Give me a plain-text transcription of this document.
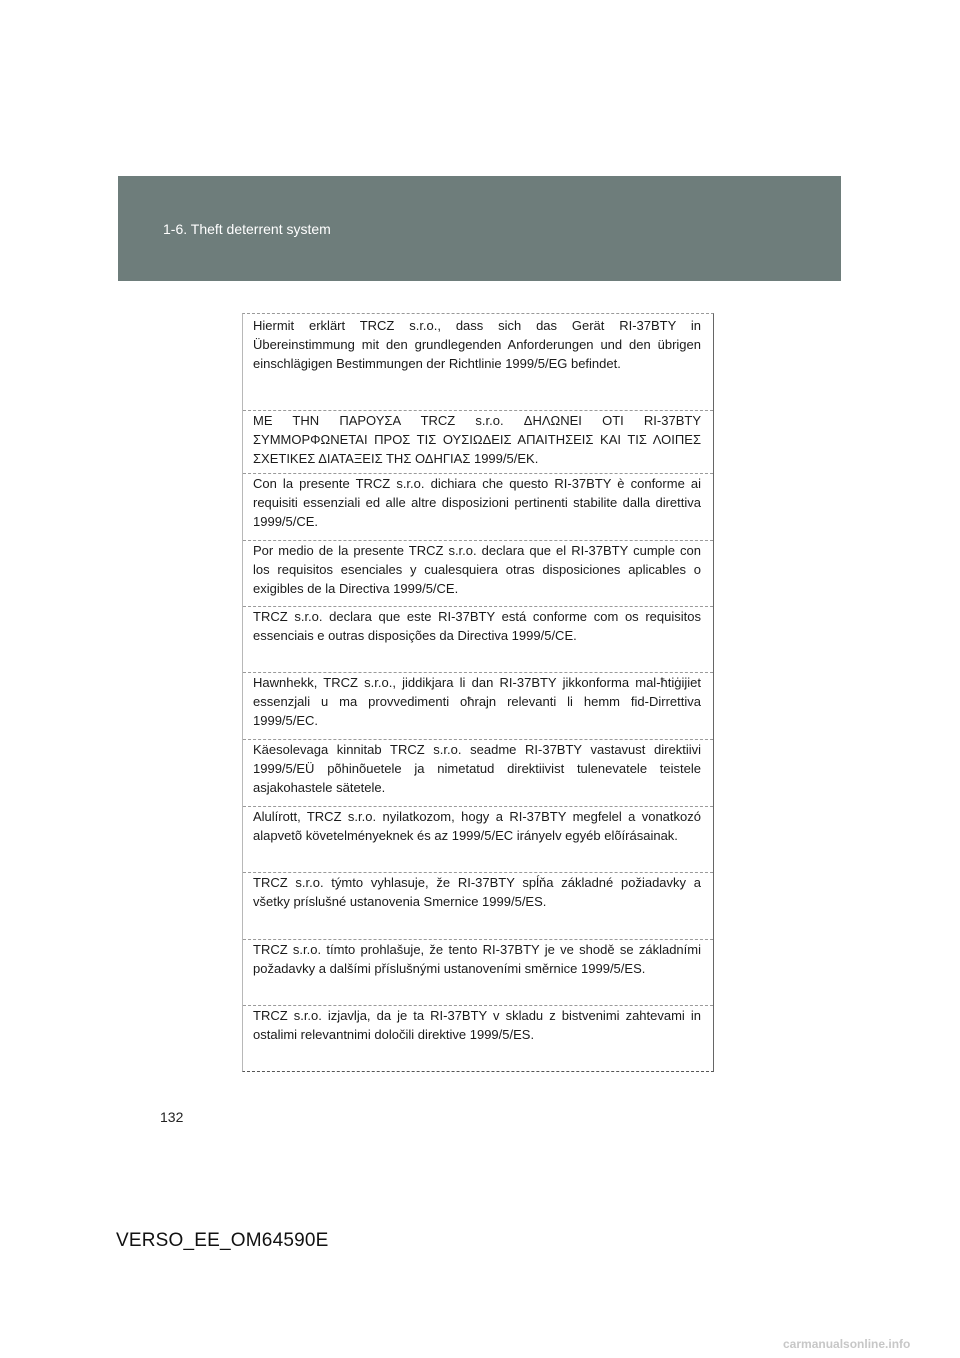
1-6. Theft deterrent system

Hiermit erklärt TRCZ s.r.o., dass sich das Gerät RI-37BTY in Übereinstimmung mit den grundlegenden Anforderungen und den übrigen einschlägigen Bestimmungen der Richtlinie 1999/5/EG befindet.

ΜΕ ΤΗΝ ΠΑΡΟΥΣΑ TRCZ s.r.o. ΔΗΛΩΝΕΙ ΟΤΙ RI-37BTY ΣΥΜΜΟΡΦΩΝΕΤΑΙ ΠΡΟΣ ΤΙΣ ΟΥΣΙΩΔΕΙΣ ΑΠΑΙΤΗΣΕΙΣ ΚΑΙ ΤΙΣ ΛΟΙΠΕΣ ΣΧΕΤΙΚΕΣ ΔΙΑΤΑΞΕΙΣ ΤΗΣ ΟΔΗΓΙΑΣ 1999/5/ΕΚ.

Con la presente TRCZ s.r.o. dichiara che questo RI-37BTY è conforme ai requisiti essenziali ed alle altre disposizioni pertinenti stabilite dalla direttiva 1999/5/CE.

Por medio de la presente TRCZ s.r.o. declara que el RI-37BTY cumple con los requisitos esenciales y cualesquiera otras disposiciones aplicables o exigibles de la Directiva 1999/5/CE.

TRCZ s.r.o. declara que este RI-37BTY está conforme com os requisitos essenciais e outras disposições da Directiva 1999/5/CE.

Hawnhekk, TRCZ s.r.o., jiddikjara li dan RI-37BTY jikkonforma mal-ħtiġijiet essenzjali u ma provvedimenti oħrajn relevanti li hemm fid-Dirrettiva 1999/5/EC.

Käesolevaga kinnitab TRCZ s.r.o. seadme RI-37BTY vastavust direktiivi 1999/5/EÜ põhinõuetele ja nimetatud direktiivist tulenevatele teistele asjakohastele sätetele.

Alulírott, TRCZ s.r.o. nyilatkozom, hogy a RI-37BTY megfelel a vonatkozó alapvetõ követelményeknek és az 1999/5/EC irányelv egyéb elõírásainak.

TRCZ s.r.o. týmto vyhlasuje, že RI-37BTY spĺňa základné požiadavky a všetky príslušné ustanovenia Smernice 1999/5/ES.

TRCZ s.r.o. tímto prohlašuje, že tento RI-37BTY je ve shodě se základními požadavky a dalšími příslušnými ustanoveními směrnice 1999/5/ES.

TRCZ s.r.o. izjavlja, da je ta RI-37BTY v skladu z bistvenimi zahtevami in ostalimi relevantnimi določili direktive 1999/5/ES.

132
VERSO_EE_OM64590E
carmanualsonline.info
